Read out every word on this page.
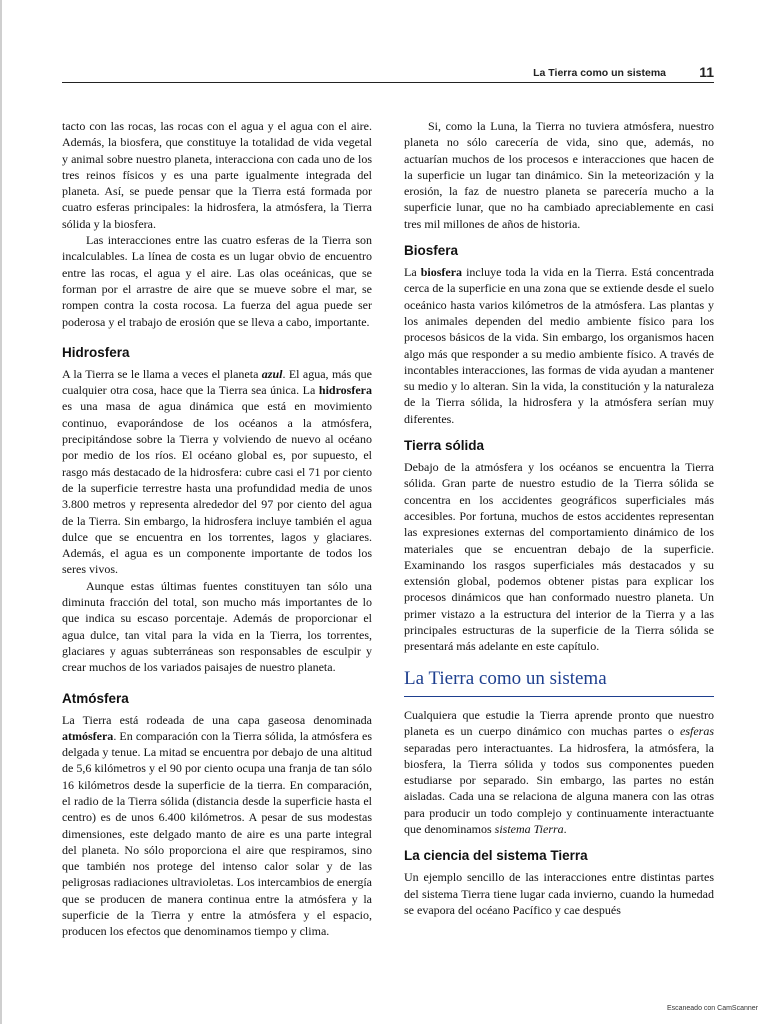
La Tierra como un sistema 11

tacto con las rocas, las rocas con el agua y el agua con el aire. Además, la biosfera, que constituye la totalidad de vida vegetal y animal sobre nuestro planeta, interacciona con cada uno de los tres reinos físicos y es una parte igualmente integrada del planeta. Así, se puede pensar que la Tierra está formada por cuatro esferas principales: la hidrosfera, la atmósfera, la Tierra sólida y la biosfera.

Las interacciones entre las cuatro esferas de la Tierra son incalculables. La línea de costa es un lugar obvio de encuentro entre las rocas, el agua y el aire. Las olas oceánicas, que se forman por el arrastre de aire que se mueve sobre el mar, se rompen contra la costa rocosa. La fuerza del agua puede ser poderosa y el trabajo de erosión que se lleva a cabo, importante.

Hidrosfera

A la Tierra se le llama a veces el planeta azul. El agua, más que cualquier otra cosa, hace que la Tierra sea única. La hidrosfera es una masa de agua dinámica que está en movimiento continuo, evaporándose de los océanos a la atmósfera, precipitándose sobre la Tierra y volviendo de nuevo al océano por medio de los ríos. El océano global es, por supuesto, el rasgo más destacado de la hidrosfera: cubre casi el 71 por ciento de la superficie terrestre hasta una profundidad media de unos 3.800 metros y representa alrededor del 97 por ciento del agua de la Tierra. Sin embargo, la hidrosfera incluye también el agua dulce que se encuentra en los torrentes, lagos y glaciares. Además, el agua es un componente importante de todos los seres vivos.

Aunque estas últimas fuentes constituyen tan sólo una diminuta fracción del total, son mucho más importantes de lo que indica su escaso porcentaje. Además de proporcionar el agua dulce, tan vital para la vida en la Tierra, los torrentes, glaciares y aguas subterráneas son responsables de esculpir y crear muchos de los variados paisajes de nuestro planeta.

Atmósfera

La Tierra está rodeada de una capa gaseosa denominada atmósfera. En comparación con la Tierra sólida, la atmósfera es delgada y tenue. La mitad se encuentra por debajo de una altitud de 5,6 kilómetros y el 90 por ciento ocupa una franja de tan sólo 16 kilómetros desde la superficie de la tierra. En comparación, el radio de la Tierra sólida (distancia desde la superficie hasta el centro) es de unos 6.400 kilómetros. A pesar de sus modestas dimensiones, este delgado manto de aire es una parte integral del planeta. No sólo proporciona el aire que respiramos, sino que también nos protege del intenso calor solar y de las peligrosas radiaciones ultravioletas. Los intercambios de energía que se producen de manera continua entre la atmósfera y la superficie de la Tierra y entre la atmósfera y el espacio, producen los efectos que denominamos tiempo y clima.

Si, como la Luna, la Tierra no tuviera atmósfera, nuestro planeta no sólo carecería de vida, sino que, además, no actuarían muchos de los procesos e interacciones que hacen de la superficie un lugar tan dinámico. Sin la meteorización y la erosión, la faz de nuestro planeta se parecería mucho a la superficie lunar, que no ha cambiado apreciablemente en casi tres mil millones de años de historia.

Biosfera

La biosfera incluye toda la vida en la Tierra. Está concentrada cerca de la superficie en una zona que se extiende desde el suelo oceánico hasta varios kilómetros de la atmósfera. Las plantas y los animales dependen del medio ambiente físico para los procesos básicos de la vida. Sin embargo, los organismos hacen algo más que responder a su medio ambiente físico. A través de incontables interacciones, las formas de vida ayudan a mantener su medio y lo alteran. Sin la vida, la constitución y la naturaleza de la Tierra sólida, la hidrosfera y la atmósfera serían muy diferentes.

Tierra sólida

Debajo de la atmósfera y los océanos se encuentra la Tierra sólida. Gran parte de nuestro estudio de la Tierra sólida se concentra en los accidentes geográficos superficiales más accesibles. Por fortuna, muchos de estos accidentes representan las expresiones externas del comportamiento dinámico de los materiales que se encuentran debajo de la superficie. Examinando los rasgos superficiales más destacados y su extensión global, podemos obtener pistas para explicar los procesos dinámicos que han conformado nuestro planeta. Un primer vistazo a la estructura del interior de la Tierra y a las principales estructuras de la superficie de la Tierra sólida se presentará más adelante en este capítulo.

La Tierra como un sistema

Cualquiera que estudie la Tierra aprende pronto que nuestro planeta es un cuerpo dinámico con muchas partes o esferas separadas pero interactuantes. La hidrosfera, la atmósfera, la biosfera, la Tierra sólida y todos sus componentes pueden estudiarse por separado. Sin embargo, las partes no están aisladas. Cada una se relaciona de alguna manera con las otras para producir un todo complejo y continuamente interactuante que denominamos sistema Tierra.

La ciencia del sistema Tierra

Un ejemplo sencillo de las interacciones entre distintas partes del sistema Tierra tiene lugar cada invierno, cuando la humedad se evapora del océano Pacífico y cae después

Escaneado con CamScanner
